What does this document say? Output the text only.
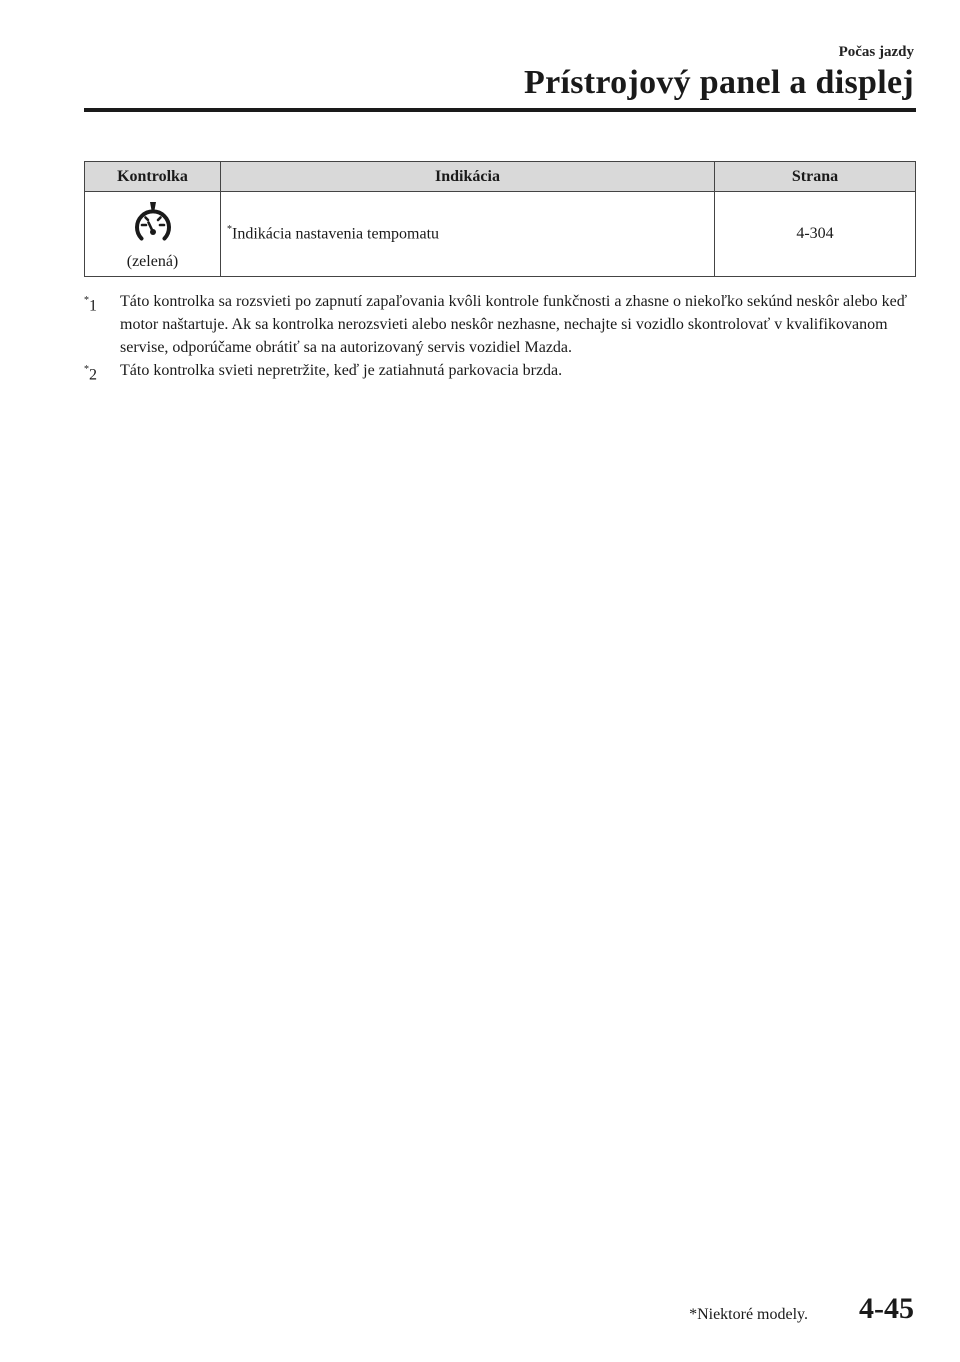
Počas jazdy
Prístrojový panel a displej
Kontrolka	Indikácia	Strana

(zelená)	*Indikácia nastavenia tempomatu	4-304
*1 Táto kontrolka sa rozsvieti po zapnutí zapaľovania kvôli kontrole funkčnosti a zhasne o niekoľko sekúnd neskôr alebo keď motor naštartuje. Ak sa kontrolka nerozsvieti alebo neskôr nezhasne, nechajte si vozidlo skontrolovať v kvalifikovanom servise, odporúčame obrátiť sa na autorizovaný servis vozidiel Mazda.
*2 Táto kontrolka svieti nepretržite, keď je zatiahnutá parkovacia brzda.
*Niektoré modely. 4-45
